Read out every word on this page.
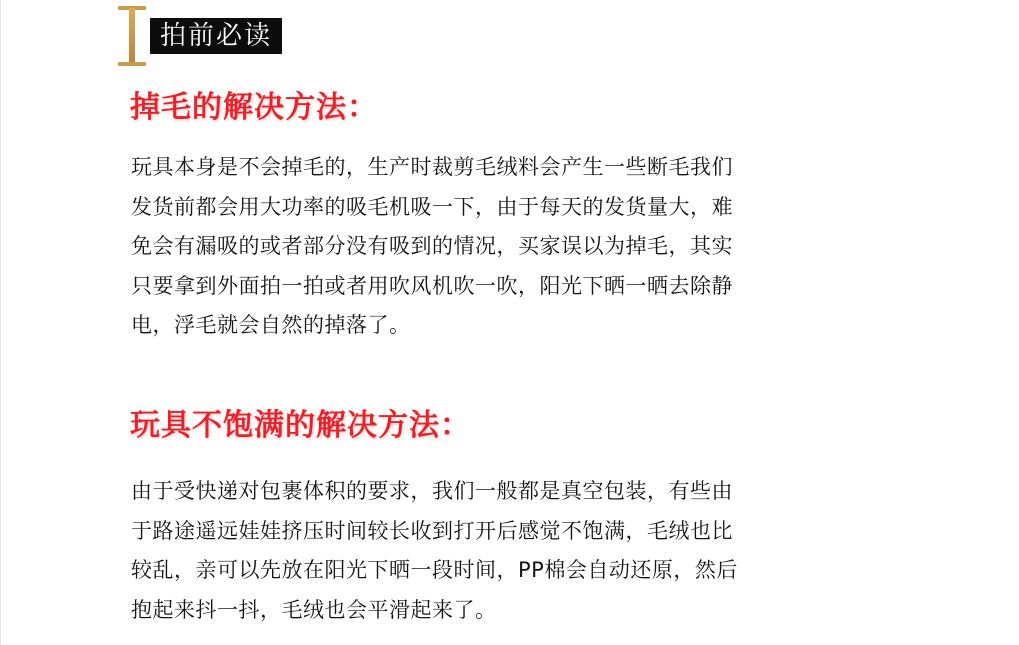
拍前必读
掉毛的解决方法：
玩具本身是不会掉毛的，生产时裁剪毛绒料会产生一些断毛我们
发货前都会用大功率的吸毛机吸一下，由于每天的发货量大，难
免会有漏吸的或者部分没有吸到的情况，买家误以为掉毛，其实
只要拿到外面拍一拍或者用吹风机吹一吹，阳光下晒一晒去除静
电，浮毛就会自然的掉落了。
玩具不饱满的解决方法：
由于受快递对包裹体积的要求，我们一般都是真空包装，有些由
于路途遥远娃娃挤压时间较长收到打开后感觉不饱满，毛绒也比
较乱，亲可以先放在阳光下晒一段时间，PP棉会自动还原，然后
抱起来抖一抖，毛绒也会平滑起来了。
